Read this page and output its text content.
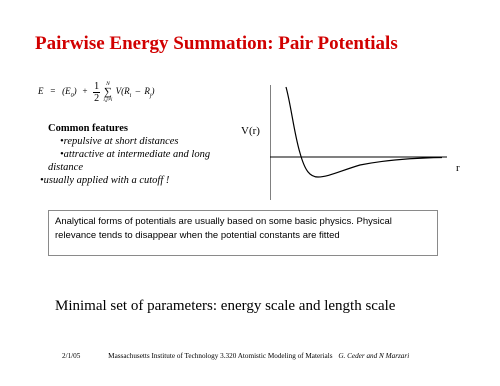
Pairwise Energy Summation: Pair Potentials
$E = (E_0) + \frac{1}{2}$
	N
∑
i,j≠i
$V(R_i - R_j)$
Common features
•repulsive at short distances
•attractive at intermediate and long
distance
•usually applied with a cutoff !
V(r)
r

Analytical forms of potentials are usually based on some basic physics. Physical

relevance tends to disappear when the potential constants are fitted

Minimal set of parameters: energy scale and length scale
2/1/05	Massachusetts Institute of Technology 3.320 Atomistic Modeling of Materials G. Ceder and N Marzari
